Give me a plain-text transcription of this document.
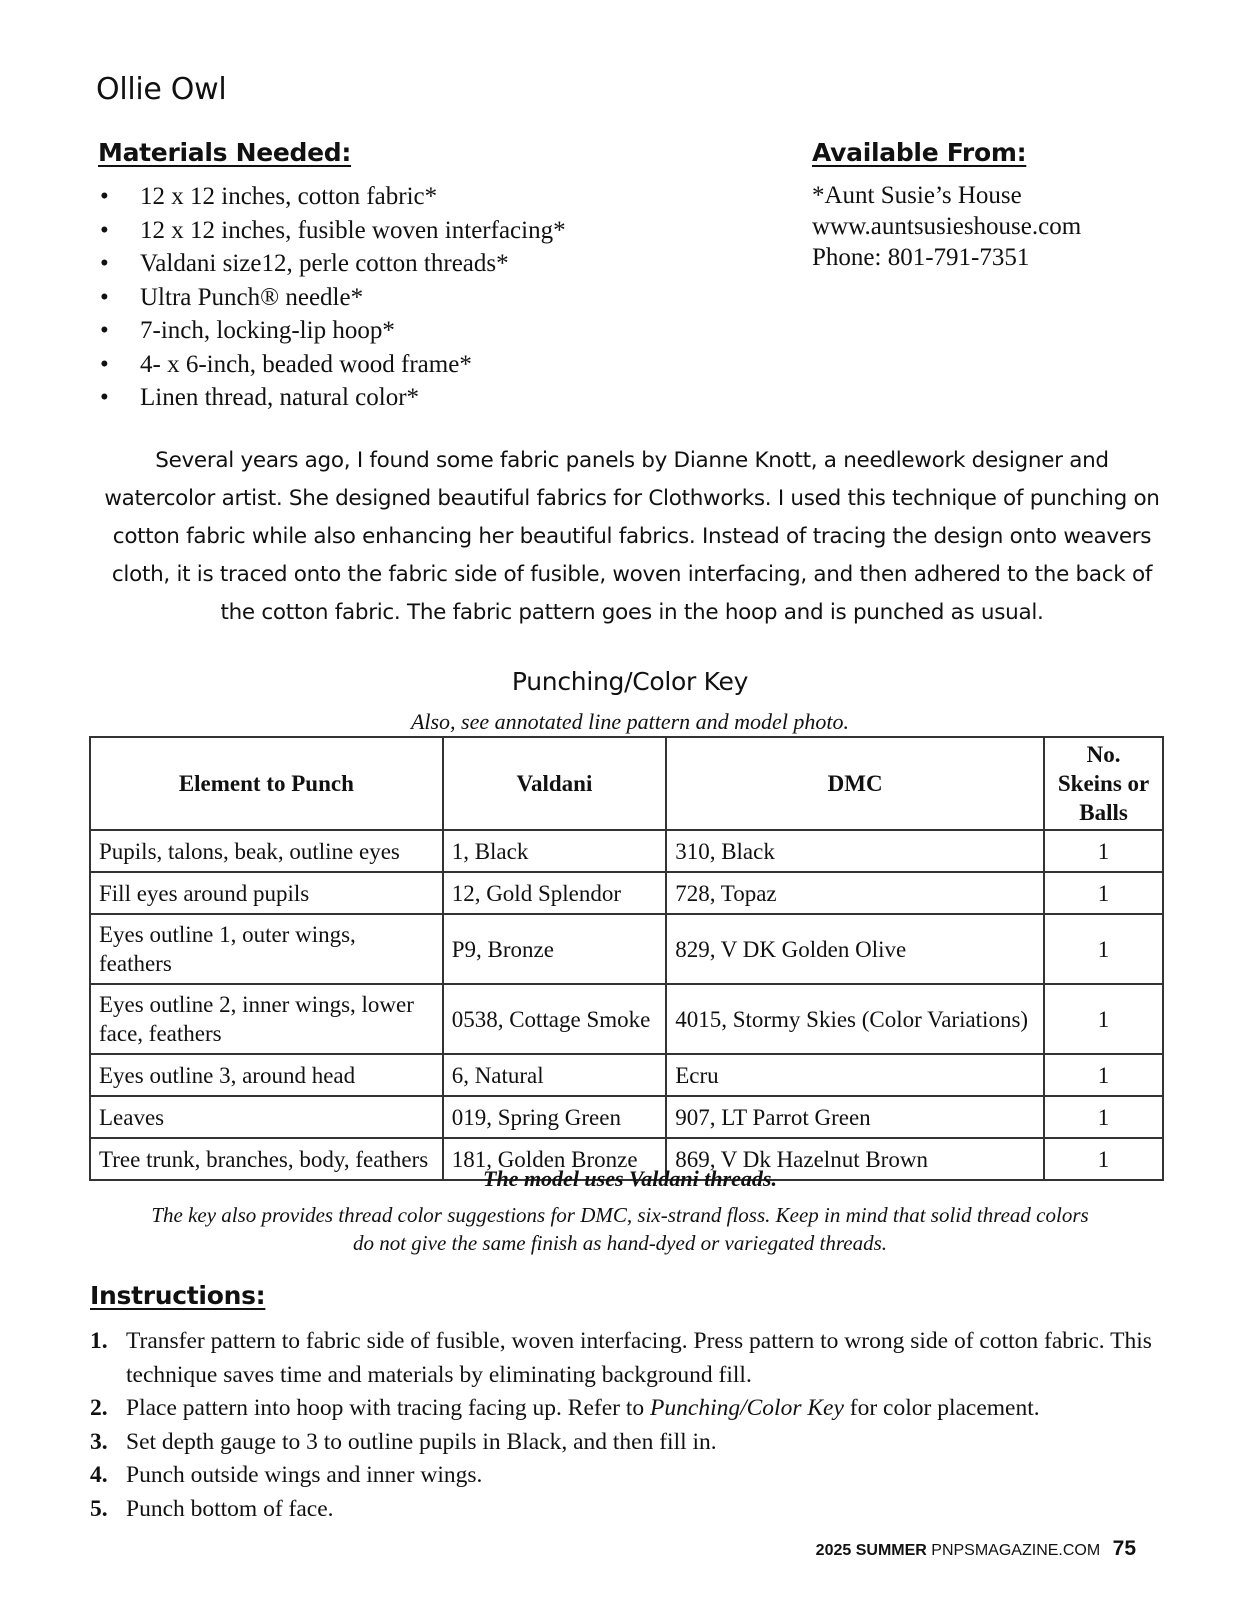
Ollie Owl
Materials Needed:
• 12 x 12 inches, cotton fabric*
• 12 x 12 inches, fusible woven interfacing*
• Valdani size12, perle cotton threads*
• Ultra Punch® needle*
• 7-inch, locking-lip hoop*
• 4- x 6-inch, beaded wood frame*
• Linen thread, natural color*
Available From:
*Aunt Susie’s House
www.auntsusieshouse.com
Phone: 801-791-7351

Several years ago, I found some fabric panels by Dianne Knott, a needlework designer and watercolor artist. She designed beautiful fabrics for Clothworks. I used this technique of punching on cotton fabric while also enhancing her beautiful fabrics. Instead of tracing the design onto weavers cloth, it is traced onto the fabric side of fusible, woven interfacing, and then adhered to the back of the cotton fabric. The fabric pattern goes in the hoop and is punched as usual.

Punching/Color Key
Also, see annotated line pattern and model photo.
Element to Punch	Valdani	DMC	No. Skeins or Balls
Pupils, talons, beak, outline eyes	1, Black	310, Black	1
Fill eyes around pupils	12, Gold Splendor	728, Topaz	1
Eyes outline 1, outer wings, feathers	P9, Bronze	829, V DK Golden Olive	1
Eyes outline 2, inner wings, lower face, feathers	0538, Cottage Smoke	4015, Stormy Skies (Color Variations)	1
Eyes outline 3, around head	6, Natural	Ecru	1
Leaves	019, Spring Green	907, LT Parrot Green	1
Tree trunk, branches, body, feathers	181, Golden Bronze	869, V Dk Hazelnut Brown	1
The model uses Valdani threads.
The key also provides thread color suggestions for DMC, six-strand floss. Keep in mind that solid thread colors do not give the same finish as hand-dyed or variegated threads.
Instructions:
1. Transfer pattern to fabric side of fusible, woven interfacing. Press pattern to wrong side of cotton fabric. This technique saves time and materials by eliminating background fill.
2. Place pattern into hoop with tracing facing up. Refer to Punching/Color Key for color placement.
3. Set depth gauge to 3 to outline pupils in Black, and then fill in.
4. Punch outside wings and inner wings.
5. Punch bottom of face.
2025 SUMMER PNPSMAGAZINE.COM 75
